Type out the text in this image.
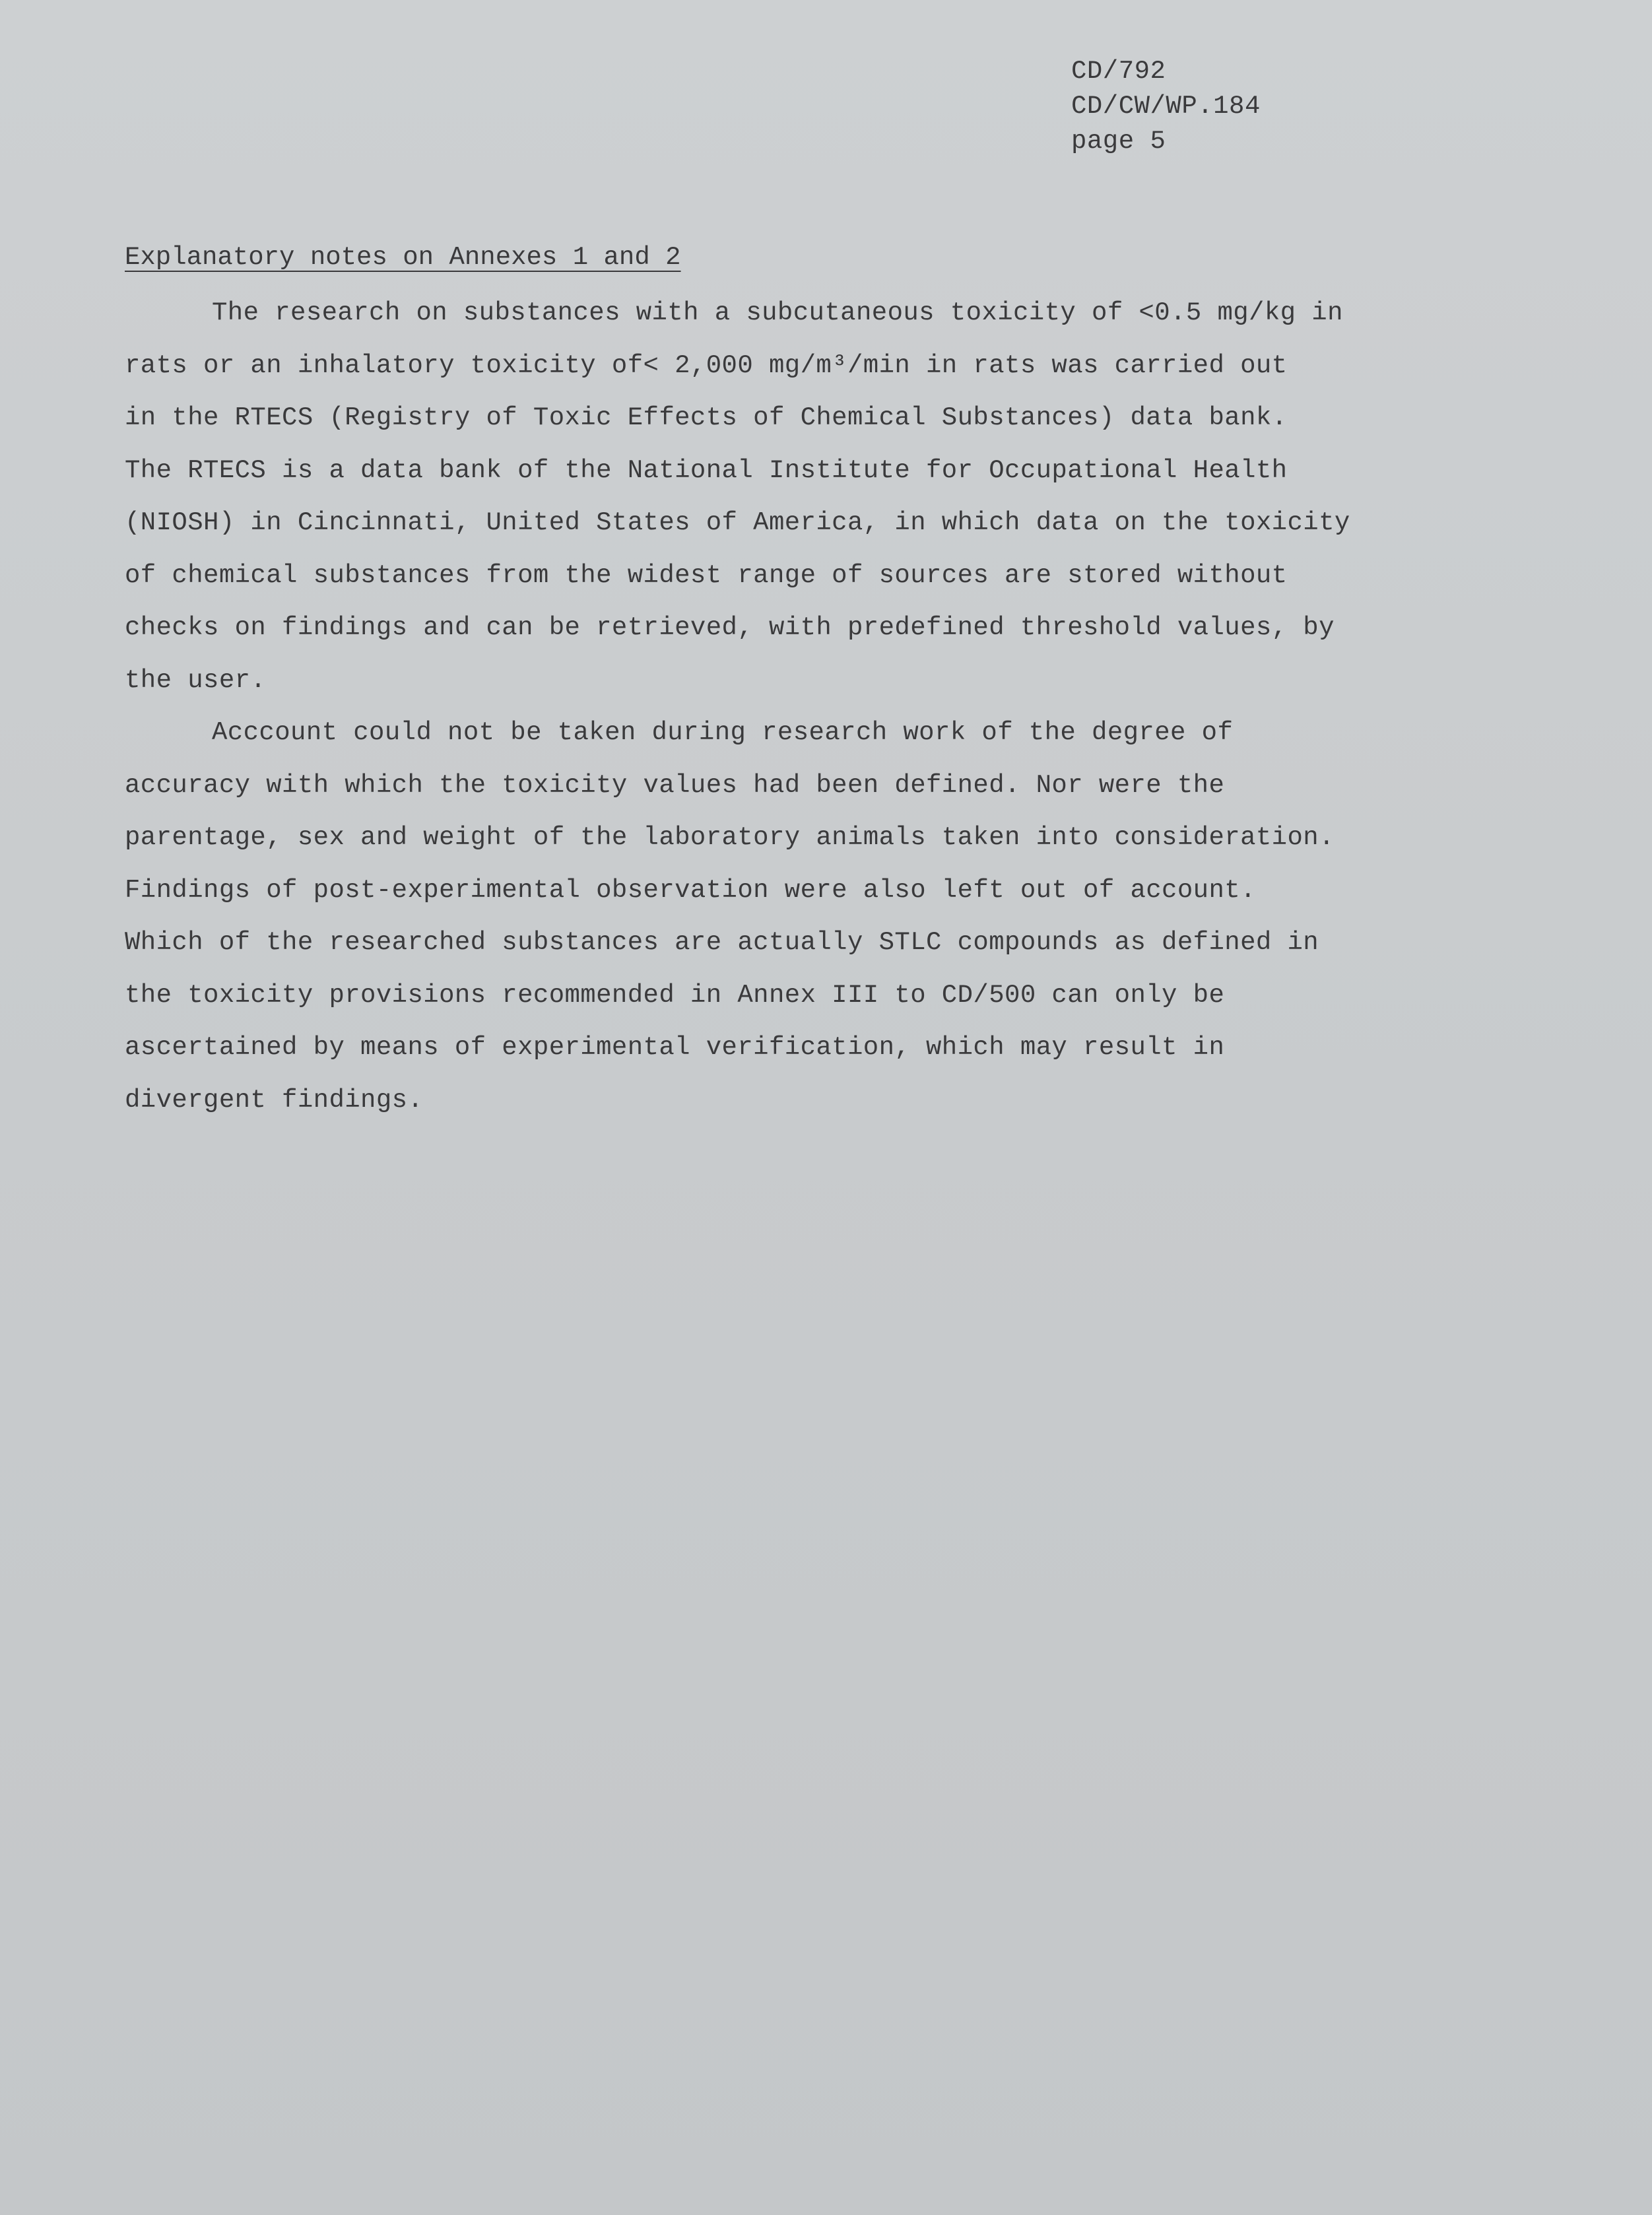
CD/792
CD/CW/WP.184
page 5
Explanatory notes on Annexes 1 and 2
The research on substances with a subcutaneous toxicity of <0.5 mg/kg in
rats or an inhalatory toxicity of< 2,000 mg/m³/min in rats was carried out
in the RTECS (Registry of Toxic Effects of Chemical Substances) data bank.
The RTECS is a data bank of the National Institute for Occupational Health
(NIOSH) in Cincinnati, United States of America, in which data on the toxicity
of chemical substances from the widest range of sources are stored without
checks on findings and can be retrieved, with predefined threshold values, by
the user.
Acccount could not be taken during research work of the degree of
accuracy with which the toxicity values had been defined. Nor were the
parentage, sex and weight of the laboratory animals taken into consideration.
Findings of post-experimental observation were also left out of account.
Which of the researched substances are actually STLC compounds as defined in
the toxicity provisions recommended in Annex III to CD/500 can only be
ascertained by means of experimental verification, which may result in
divergent findings.
